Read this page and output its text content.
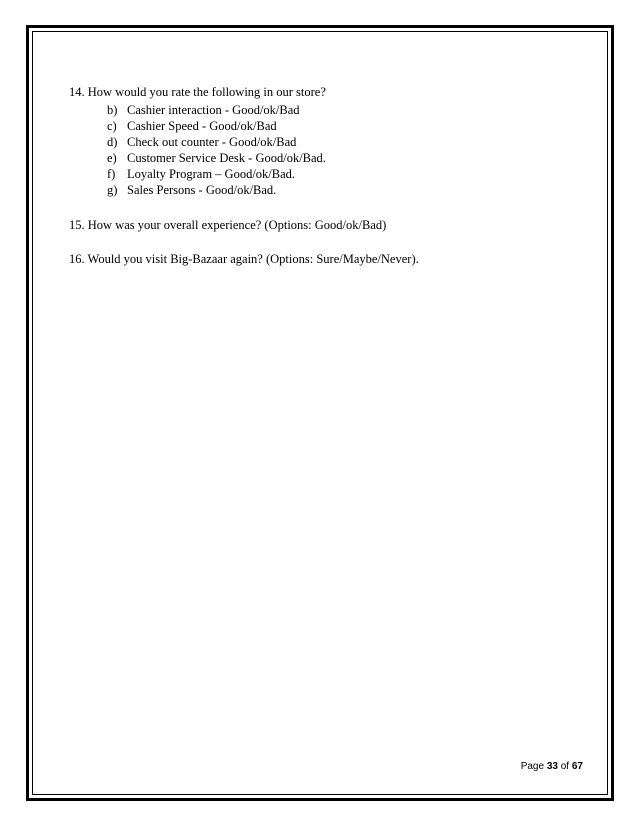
14. How would you rate the following in our store?

b) Cashier interaction - Good/ok/Bad
c) Cashier Speed - Good/ok/Bad
d) Check out counter - Good/ok/Bad
e) Customer Service Desk - Good/ok/Bad.
f) Loyalty Program – Good/ok/Bad.
g) Sales Persons - Good/ok/Bad.

15. How was your overall experience? (Options: Good/ok/Bad)

16. Would you visit Big-Bazaar again? (Options: Sure/Maybe/Never).

Page 33 of 67
